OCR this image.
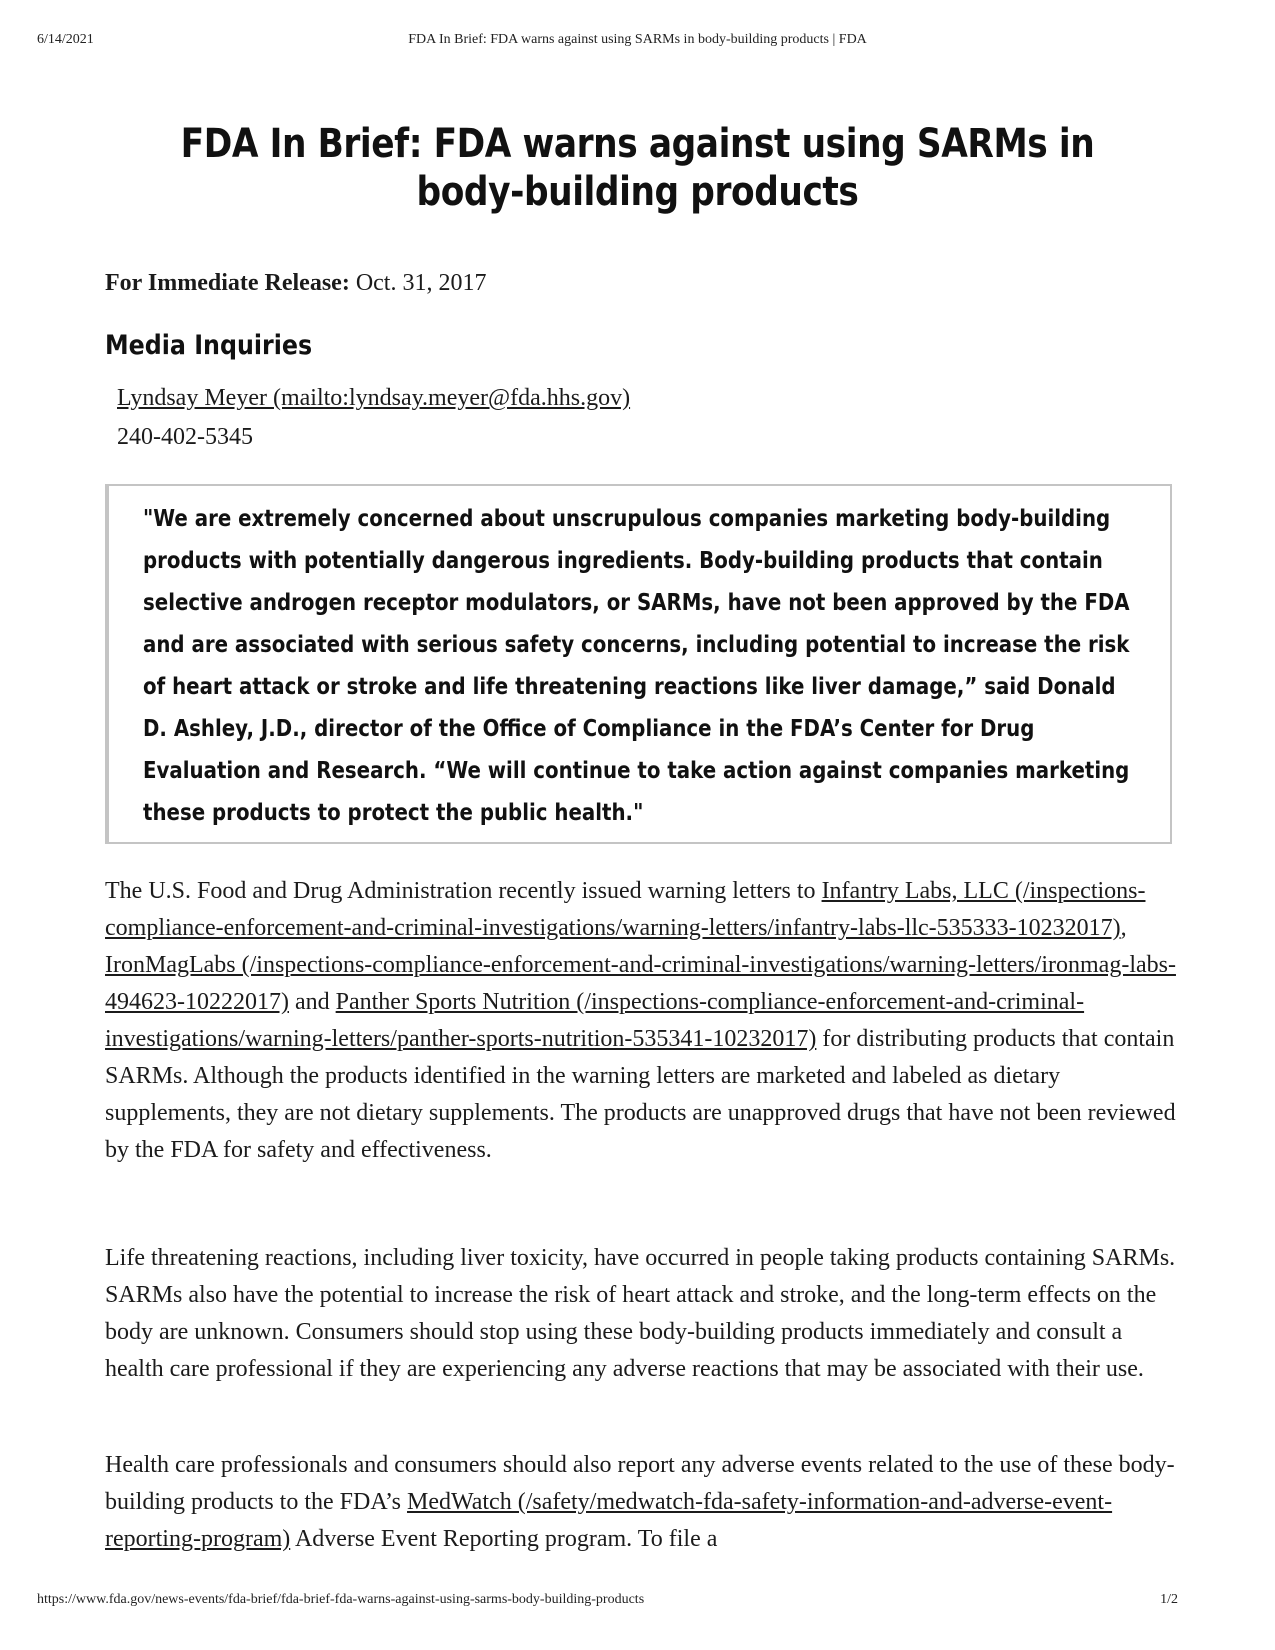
6/14/2021	FDA In Brief: FDA warns against using SARMs in body-building products | FDA
FDA In Brief: FDA warns against using SARMs in body-building products
For Immediate Release: Oct. 31, 2017
Media Inquiries
Lyndsay Meyer (mailto:lyndsay.meyer@fda.hhs.gov)
240-402-5345

"We are extremely concerned about unscrupulous companies marketing body-building products with potentially dangerous ingredients. Body-building products that contain selective androgen receptor modulators, or SARMs, have not been approved by the FDA and are associated with serious safety concerns, including potential to increase the risk of heart attack or stroke and life threatening reactions like liver damage,” said Donald D. Ashley, J.D., director of the Office of Compliance in the FDA’s Center for Drug Evaluation and Research. “We will continue to take action against companies marketing these products to protect the public health."

The U.S. Food and Drug Administration recently issued warning letters to Infantry Labs, LLC (/inspections-compliance-enforcement-and-criminal-investigations/warning-letters/infantry-labs-llc-535333-10232017), IronMagLabs (/inspections-compliance-enforcement-and-criminal-investigations/warning-letters/ironmag-labs-494623-10222017) and Panther Sports Nutrition (/inspections-compliance-enforcement-and-criminal-investigations/warning-letters/panther-sports-nutrition-535341-10232017) for distributing products that contain SARMs. Although the products identified in the warning letters are marketed and labeled as dietary supplements, they are not dietary supplements. The products are unapproved drugs that have not been reviewed by the FDA for safety and effectiveness.

Life threatening reactions, including liver toxicity, have occurred in people taking products containing SARMs. SARMs also have the potential to increase the risk of heart attack and stroke, and the long-term effects on the body are unknown. Consumers should stop using these body-building products immediately and consult a health care professional if they are experiencing any adverse reactions that may be associated with their use.

Health care professionals and consumers should also report any adverse events related to the use of these body-building products to the FDA’s MedWatch (/safety/medwatch-fda-safety-information-and-adverse-event-reporting-program) Adverse Event Reporting program. To file a

https://www.fda.gov/news-events/fda-brief/fda-brief-fda-warns-against-using-sarms-body-building-products	1/2
